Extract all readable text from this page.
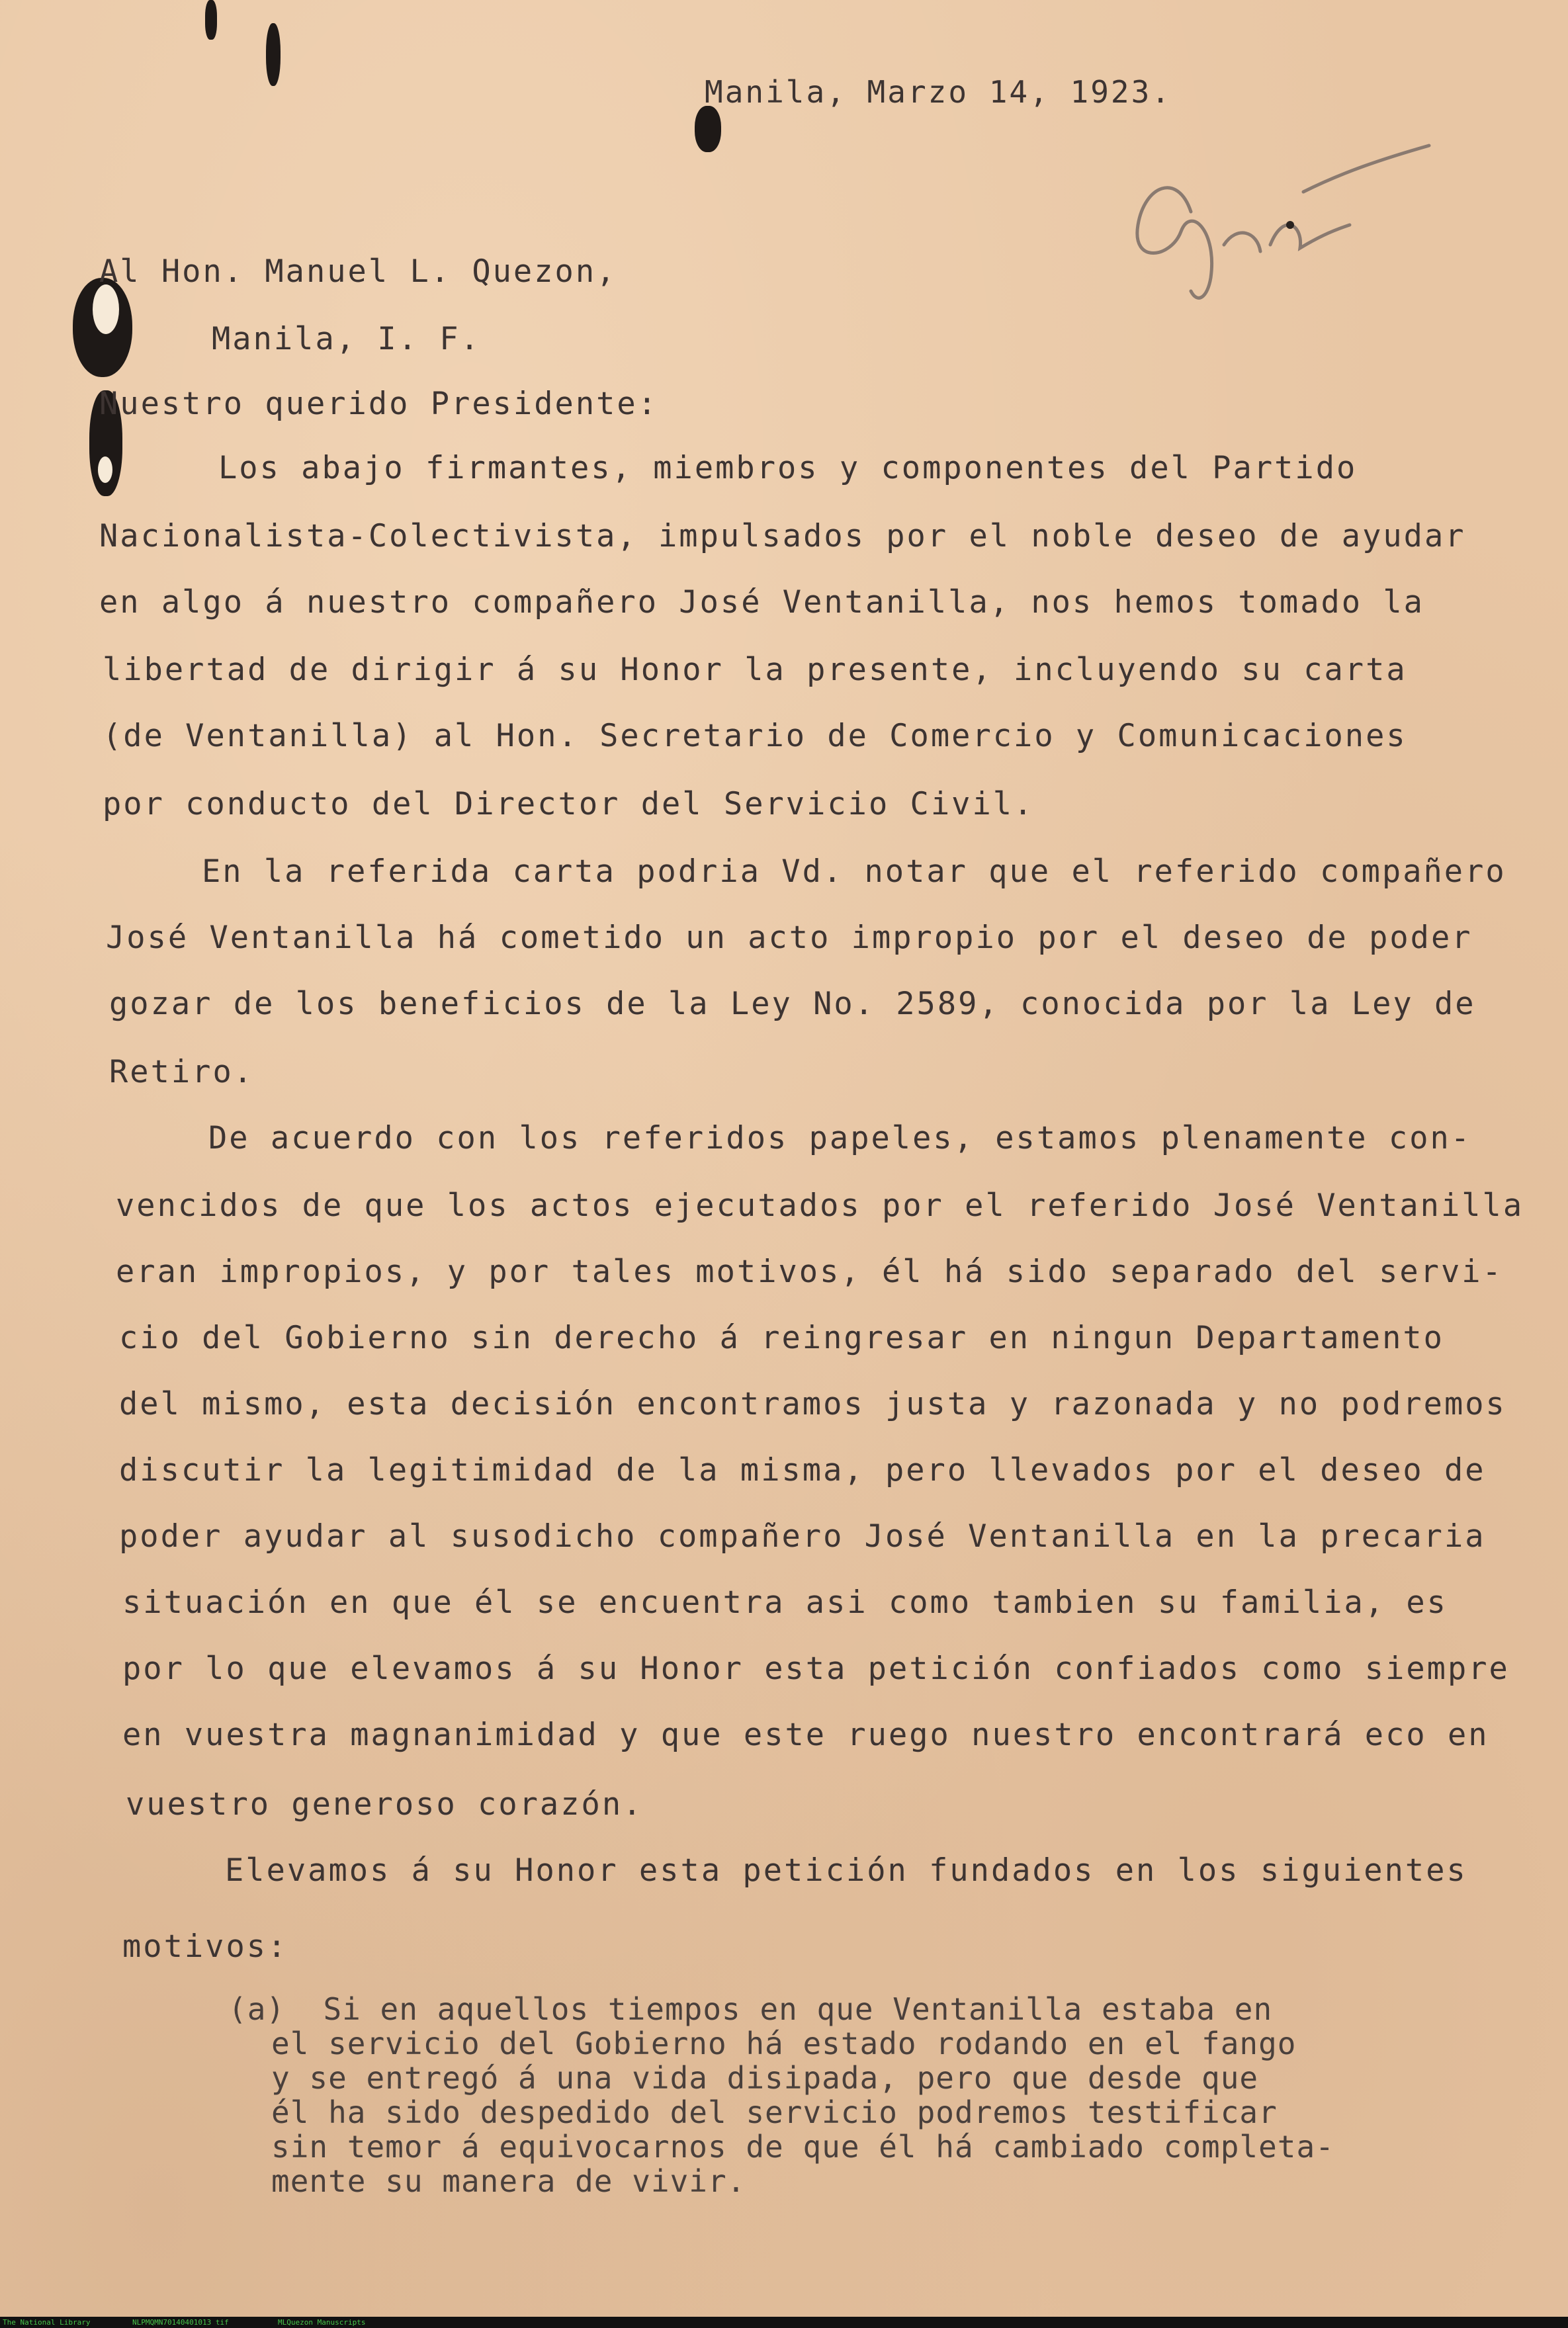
Manila, Marzo 14, 1923.
Al Hon. Manuel L. Quezon,
Manila, I. F.
Nuestro querido Presidente:
Los abajo firmantes, miembros y componentes del Partido
Nacionalista-Colectivista, impulsados por el noble deseo de ayudar
en algo á nuestro compañero José Ventanilla, nos hemos tomado la
libertad de dirigir á su Honor la presente, incluyendo su carta
(de Ventanilla) al Hon. Secretario de Comercio y Comunicaciones
por conducto del Director del Servicio Civil.
En la referida carta podria Vd. notar que el referido compañero
José Ventanilla há cometido un acto impropio por el deseo de poder
gozar de los beneficios de la Ley No. 2589, conocida por la Ley de
Retiro.
De acuerdo con los referidos papeles, estamos plenamente con-
vencidos de que los actos ejecutados por el referido José Ventanilla
eran impropios, y por tales motivos, él há sido separado del servi-
cio del Gobierno sin derecho á reingresar en ningun Departamento
del mismo, esta decisión encontramos justa y razonada y no podremos
discutir la legitimidad de la misma, pero llevados por el deseo de
poder ayudar al susodicho compañero José Ventanilla en la precaria
situación en que él se encuentra asi como tambien su familia, es
por lo que elevamos á su Honor esta petición confiados como siempre
en vuestra magnanimidad y que este ruego nuestro encontrará eco en
vuestro generoso corazón.
Elevamos á su Honor esta petición fundados en los siguientes
motivos:
(a)  Si en aquellos tiempos en que Ventanilla estaba en
el servicio del Gobierno há estado rodando en el fango
y se entregó á una vida disipada, pero que desde que
él ha sido despedido del servicio podremos testificar
sin temor á equivocarnos de que él há cambiado completa-
mente su manera de vivir.
The National Library	NLPMQMN70140401013 tif	MLQuezon Manuscripts
